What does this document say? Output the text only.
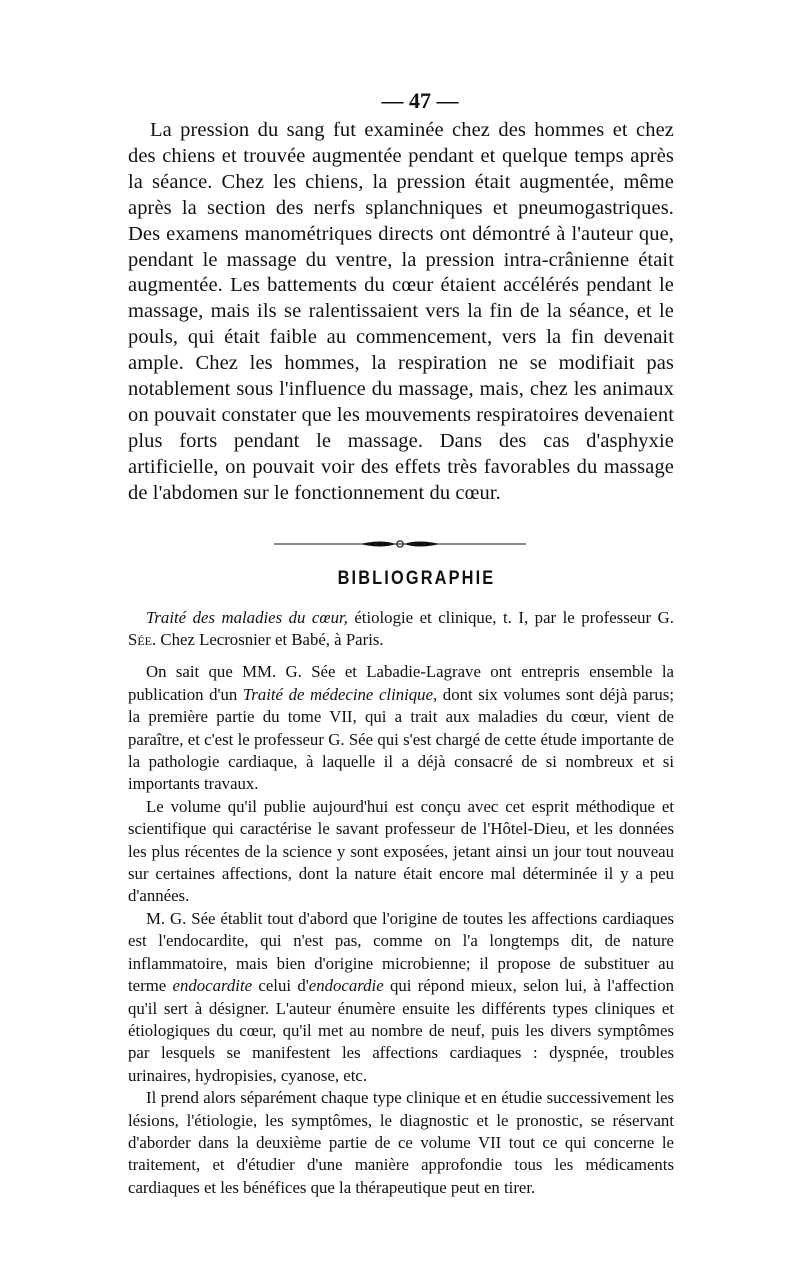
— 47 —

La pression du sang fut examinée chez des hommes et chez des chiens et trouvée augmentée pendant et quelque temps après la séance. Chez les chiens, la pression était augmentée, même après la section des nerfs splanchniques et pneumogastriques. Des examens manométriques directs ont démontré à l'auteur que, pendant le massage du ventre, la pression intra-crânienne était augmentée. Les battements du cœur étaient accélérés pendant le massage, mais ils se ralentissaient vers la fin de la séance, et le pouls, qui était faible au commencement, vers la fin devenait ample. Chez les hommes, la respiration ne se modifiait pas notablement sous l'influence du massage, mais, chez les animaux on pouvait constater que les mouvements respiratoires devenaient plus forts pendant le massage. Dans des cas d'asphyxie artificielle, on pouvait voir des effets très favorables du massage de l'abdomen sur le fonctionnement du cœur.

BIBLIOGRAPHIE

Traité des maladies du cœur, étiologie et clinique, t. I, par le professeur G. Sée. Chez Lecrosnier et Babé, à Paris.

On sait que MM. G. Sée et Labadie-Lagrave ont entrepris ensemble la publication d'un Traité de médecine clinique, dont six volumes sont déjà parus; la première partie du tome VII, qui a trait aux maladies du cœur, vient de paraître, et c'est le professeur G. Sée qui s'est chargé de cette étude importante de la pathologie cardiaque, à laquelle il a déjà consacré de si nombreux et si importants travaux.

Le volume qu'il publie aujourd'hui est conçu avec cet esprit méthodique et scientifique qui caractérise le savant professeur de l'Hôtel-Dieu, et les données les plus récentes de la science y sont exposées, jetant ainsi un jour tout nouveau sur certaines affections, dont la nature était encore mal déterminée il y a peu d'années.

M. G. Sée établit tout d'abord que l'origine de toutes les affections cardiaques est l'endocardite, qui n'est pas, comme on l'a longtemps dit, de nature inflammatoire, mais bien d'origine microbienne; il propose de substituer au terme endocardite celui d'endocardie qui répond mieux, selon lui, à l'affection qu'il sert à désigner. L'auteur énumère ensuite les différents types cliniques et étiologiques du cœur, qu'il met au nombre de neuf, puis les divers symptômes par lesquels se manifestent les affections cardiaques : dyspnée, troubles urinaires, hydropisies, cyanose, etc.

Il prend alors séparément chaque type clinique et en étudie successivement les lésions, l'étiologie, les symptômes, le diagnostic et le pronostic, se réservant d'aborder dans la deuxième partie de ce volume VII tout ce qui concerne le traitement, et d'étudier d'une manière approfondie tous les médicaments cardiaques et les bénéfices que la thérapeutique peut en tirer.
